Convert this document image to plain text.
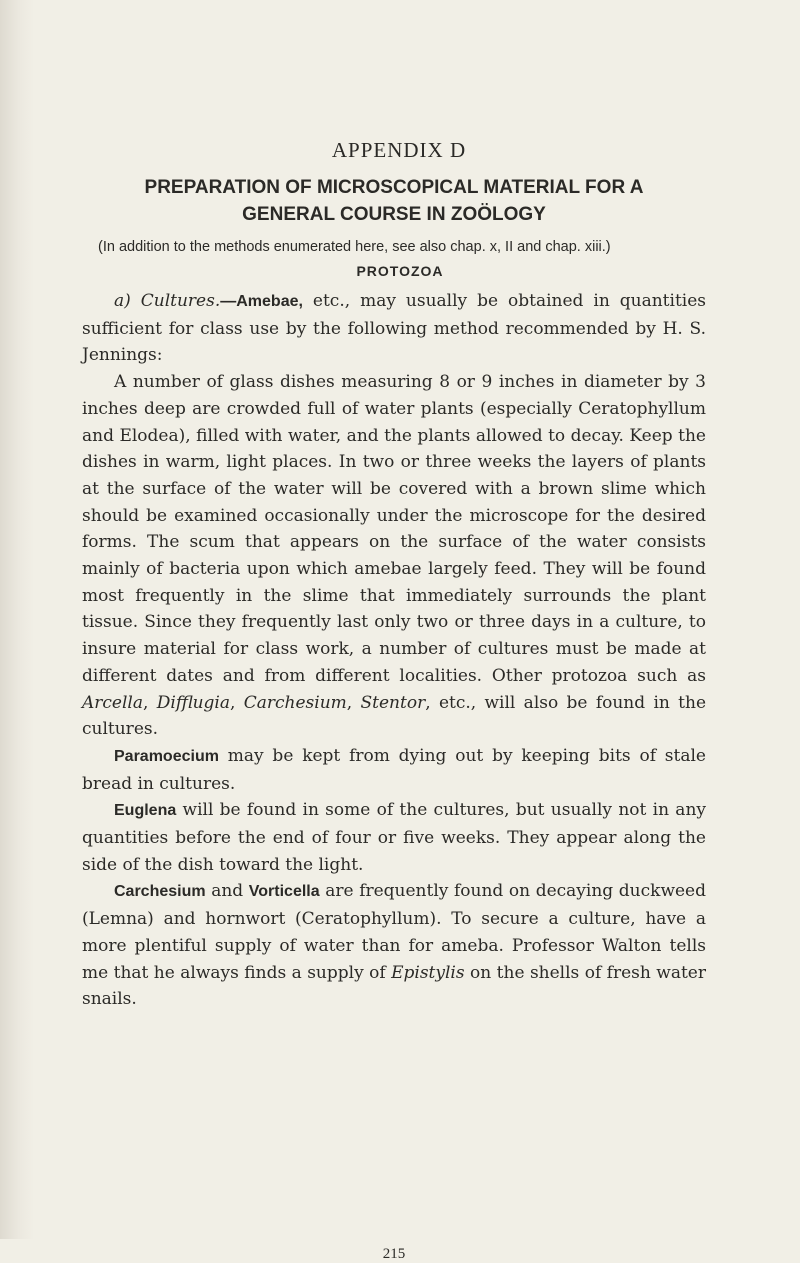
APPENDIX D
PREPARATION OF MICROSCOPICAL MATERIAL FOR A
GENERAL COURSE IN ZOÖLOGY

(In addition to the methods enumerated here, see also chap. x, II and chap. xiii.)

PROTOZOA

a) Cultures.—Amebae, etc., may usually be obtained in quantities sufficient for class use by the following method recommended by H. S. Jennings:

A number of glass dishes measuring 8 or 9 inches in diameter by 3 inches deep are crowded full of water plants (especially Ceratophyllum and Elodea), filled with water, and the plants allowed to decay. Keep the dishes in warm, light places. In two or three weeks the layers of plants at the surface of the water will be covered with a brown slime which should be examined occasionally under the microscope for the desired forms. The scum that appears on the surface of the water consists mainly of bacteria upon which amebae largely feed. They will be found most frequently in the slime that immediately surrounds the plant tissue. Since they frequently last only two or three days in a culture, to insure material for class work, a number of cultures must be made at different dates and from different localities. Other protozoa such as Arcella, Difflugia, Carchesium, Stentor, etc., will also be found in the cultures.

Paramoecium may be kept from dying out by keeping bits of stale bread in cultures.

Euglena will be found in some of the cultures, but usually not in any quantities before the end of four or five weeks. They appear along the side of the dish toward the light.

Carchesium and Vorticella are frequently found on decaying duckweed (Lemna) and hornwort (Ceratophyllum). To secure a culture, have a more plentiful supply of water than for ameba. Professor Walton tells me that he always finds a supply of Epistylis on the shells of fresh water snails.

215
